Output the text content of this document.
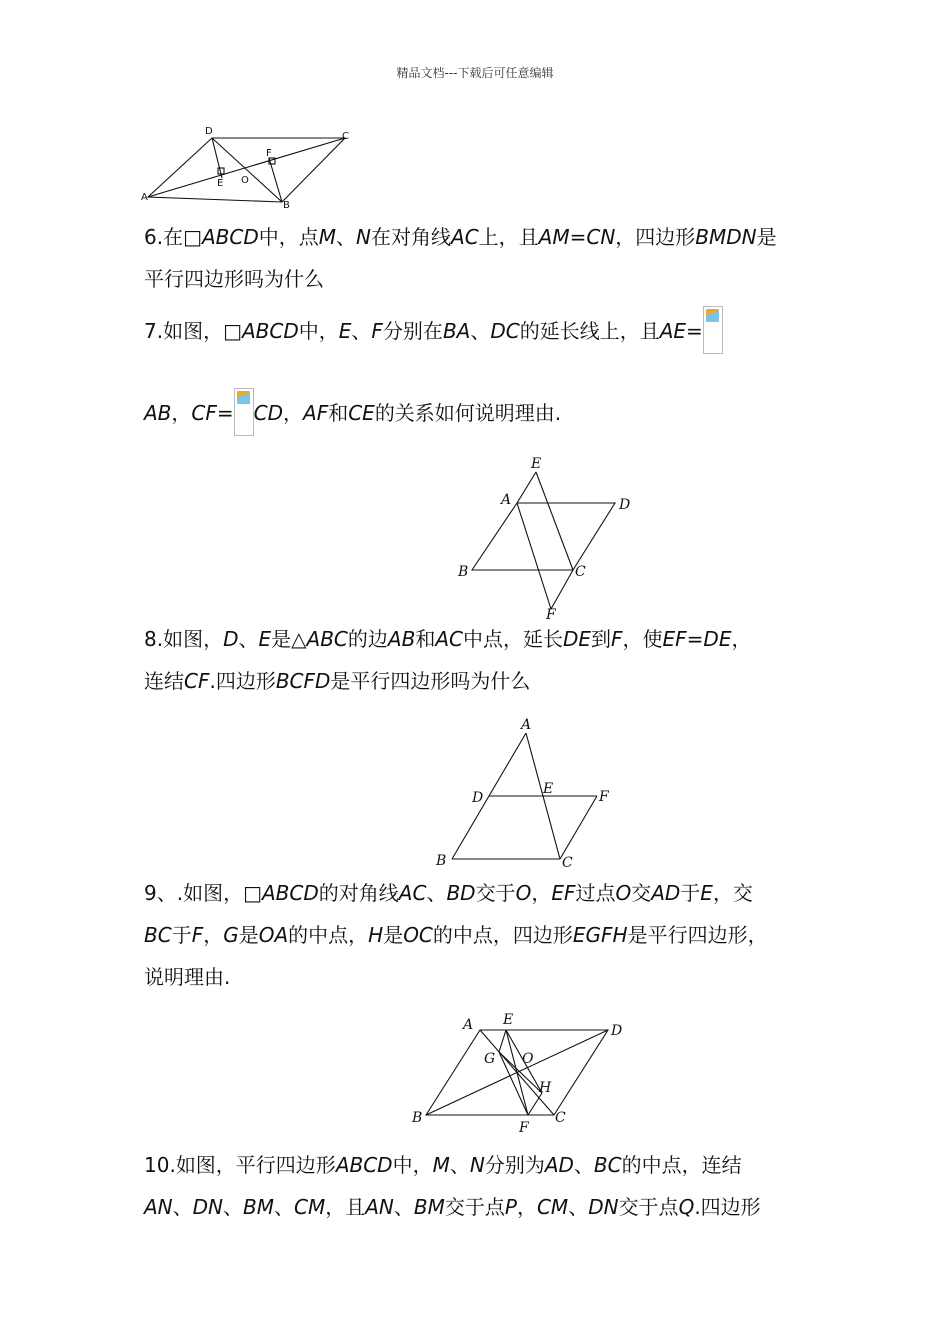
精品文档---下载后可任意编辑
D	C
F
E O
A
B
6.在□ABCD中，点M、N在对角线AC上，且AM=CN，四边形BMDN是
平行四边形吗为什么
7.如图，□ABCD中，E、F分别在BA、DC的延长线上，且AE=
AB，CF= CD，AF和CE的关系如何说明理由.
E
A	D
B	C
F
8.如图，D、E是△ABC的边AB和AC中点，延长DE到F，使EF=DE，
连结CF.四边形BCFD是平行四边形吗为什么
A
D
E	F
B	C
9、.如图，□ABCD的对角线AC、BD交于O，EF过点O交AD于E，交
BC于F，G是OA的中点，H是OC的中点，四边形EGFH是平行四边形，
说明理由.
A E
D
G O
H
B
F
C
10.如图，平行四边形ABCD中，M、N分别为AD、BC的中点，连结
AN、DN、BM、CM，且AN、BM交于点P，CM、DN交于点Q.四边形
